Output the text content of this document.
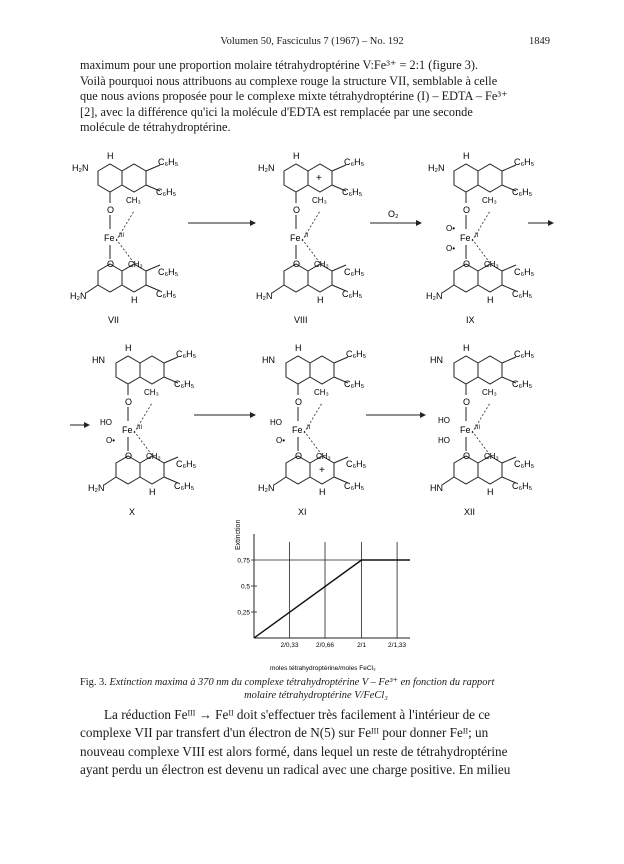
Volumen 50, Fasciculus 7 (1967) – No. 192	1849
maximum pour une proportion molaire tétrahydroptérine V:Fe³⁺ = 2:1 (figure 3).
Voilà pourquoi nous attribuons au complexe rouge la structure VII, semblable à celle
que nous avions proposée pour le complexe mixte tétrahydroptérine (I) – EDTA – Fe³⁺
[2], avec la différence qu'ici la molécule d'EDTA est remplacée par une seconde
molécule de tétrahydroptérine.
H₂N
H
C₆H₅
C₆H₅
CH₃
O
Fe III
O CH₃
C₆H₅
C₆H₅
H₂N	H
VII
H₂N
H
C₆H₅
C₆H₅
+
CH₃
O
Fe II
O CH₃
C₆H₅
C₆H₅
H₂N	H
VIII
O₂
H₂N
H
C₆H₅
C₆H₅
CH₃
O
O•
Fe II
O•
O CH₃
C₆H₅
C₆H₅
H₂N	H
IX
HN
H
C₆H₅
C₆H₅
CH₃
O
HO
Fe III
O•
O CH₃
C₆H₅
C₆H₅
H₂N	H
X
HN
H
C₆H₅
C₆H₅
CH₃
O
HO
Fe II
O•
O CH₃
+
C₆H₅
C₆H₅
H₂N	H
XI
HN
H
C₆H₅
C₆H₅
CH₃
O
HO
Fe III
HO
O CH₃
C₆H₅
C₆H₅
HN	H
XII
0,25
0,5
0,75
2/0,33	2/0,66	2/1	2/1,33
Extinction
moles tétrahydroptérine/moles FeCl₃
Fig. 3. Extinction maxima à 370 nm du complexe tétrahydroptérine V – Fe³⁺ en fonction du rapport
molaire tétrahydroptérine V/FeCl₃
La réduction Feᴵᴵᴵ → Feᴵᴵ doit s'effectuer très facilement à l'intérieur de ce
complexe VII par transfert d'un électron de N(5) sur Feᴵᴵᴵ pour donner Feᴵᴵ; un
nouveau complexe VIII est alors formé, dans lequel un reste de tétrahydroptérine
ayant perdu un électron est devenu un radical avec une charge positive. En milieu
